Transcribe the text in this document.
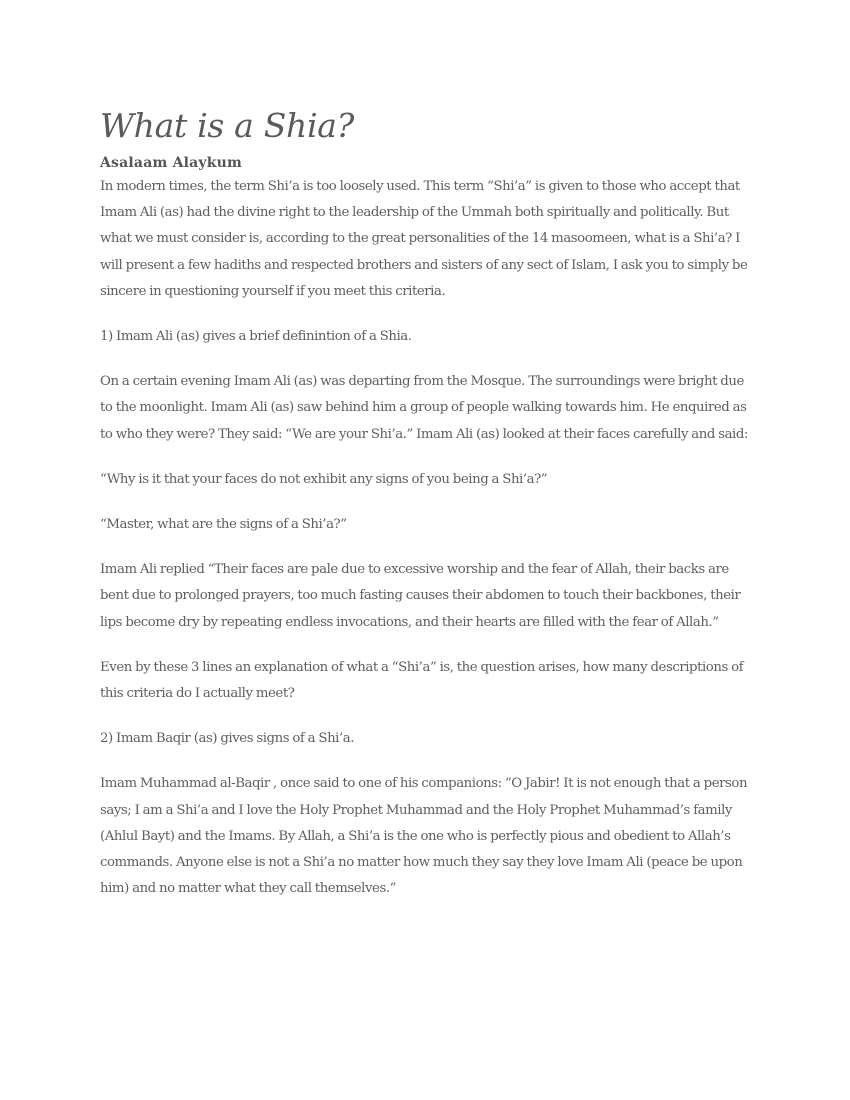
What is a Shia?
Asalaam Alaykum

In modern times, the term Shi’a is too loosely used. This term “Shi’a” is given to those who accept that Imam Ali (as) had the divine right to the leadership of the Ummah both spiritually and politically. But what we must consider is, according to the great personalities of the 14 masoomeen, what is a Shi’a? I will present a few hadiths and respected brothers and sisters of any sect of Islam, I ask you to simply be sincere in questioning yourself if you meet this criteria.

1) Imam Ali (as) gives a brief definintion of a Shia.

On a certain evening Imam Ali (as) was departing from the Mosque. The surroundings were bright due to the moonlight. Imam Ali (as) saw behind him a group of people walking towards him. He enquired as to who they were? They said: “We are your Shi’a.” Imam Ali (as) looked at their faces carefully and said:

“Why is it that your faces do not exhibit any signs of you being a Shi’a?”

“Master, what are the signs of a Shi’a?”

Imam Ali replied “Their faces are pale due to excessive worship and the fear of Allah, their backs are bent due to prolonged prayers, too much fasting causes their abdomen to touch their backbones, their lips become dry by repeating endless invocations, and their hearts are filled with the fear of Allah.”

Even by these 3 lines an explanation of what a “Shi’a” is, the question arises, how many descriptions of this criteria do I actually meet?

2) Imam Baqir (as) gives signs of a Shi’a.

Imam Muhammad al-Baqir , once said to one of his companions: “O Jabir! It is not enough that a person says; I am a Shi’a and I love the Holy Prophet Muhammad and the Holy Prophet Muhammad’s family (Ahlul Bayt) and the Imams. By Allah, a Shi’a is the one who is perfectly pious and obedient to Allah’s commands. Anyone else is not a Shi’a no matter how much they say they love Imam Ali (peace be upon him) and no matter what they call themselves.”
